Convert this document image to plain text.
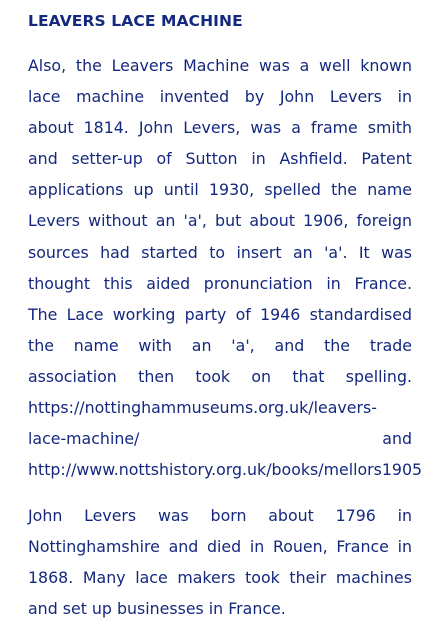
LEAVERS LACE MACHINE
Also, the Leavers Machine was a well known
lace machine invented by John Levers in
about 1814. John Levers, was a frame smith
and setter-up of Sutton in Ashfield. Patent
applications up until 1930, spelled the name
Levers without an 'a', but about 1906, foreign
sources had started to insert an 'a'. It was
thought this aided pronunciation in France.
The Lace working party of 1946 standardised
the name with an 'a', and the trade
association then took on that spelling.
https://nottinghammuseums.org.uk/leavers-
lace-machine/	and
http://www.nottshistory.org.uk/books/mellors1905
John Levers was born about 1796 in
Nottinghamshire and died in Rouen, France in
1868. Many lace makers took their machines
and set up businesses in France.
